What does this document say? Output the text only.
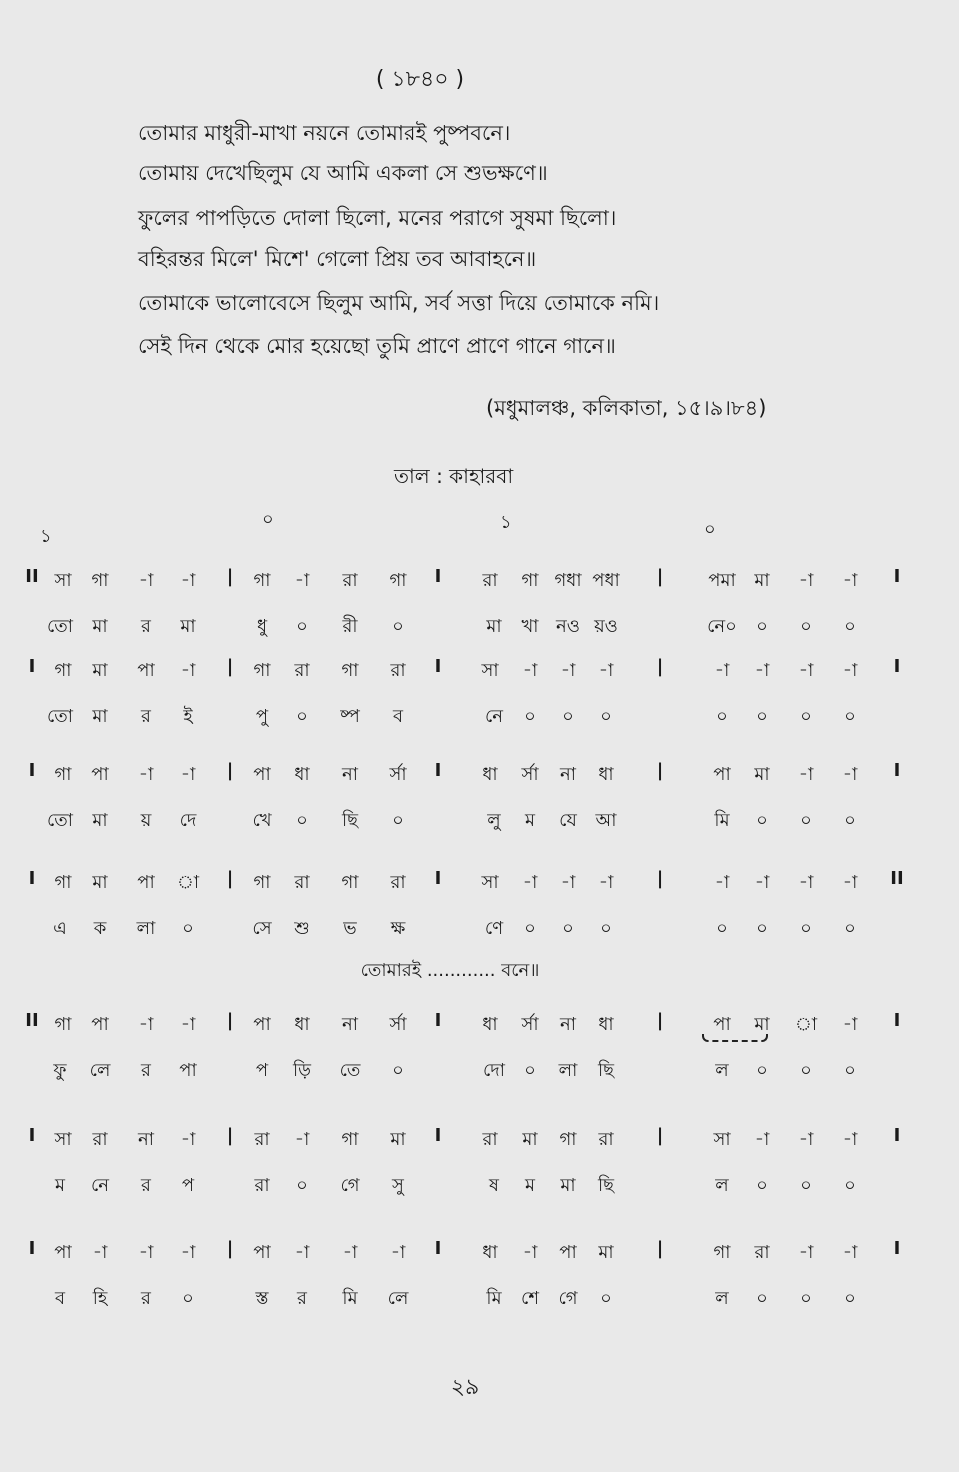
( ১৮৪০ )
তোমার মাধুরী-মাখা নয়নে তোমারই পুষ্পবনে।
তোমায় দেখেছিলুম যে আমি একলা সে শুভক্ষণে॥
ফুলের পাপড়িতে দোলা ছিলো, মনের পরাগে সুষমা ছিলো।
বহিরন্তর মিলে' মিশে' গেলো প্রিয় তব আবাহনে॥
তোমাকে ভালোবেসে ছিলুম আমি, সর্ব সত্তা দিয়ে তোমাকে নমি।
সেই দিন থেকে মোর হয়েছো তুমি প্রাণে প্রাণে গানে গানে॥
(মধুমালঞ্চ, কলিকাতা, ১৫।৯।৮৪)
তাল : কাহারবা
১
০	১	০
II সা গা -া -া | গা -া রা গা I রা গা গধা পধা | পমা মা -া -া I
তো মা র মা	ধু ০ রী ০	মা খা নও য়ও	নে০ ০ ০ ০
I গা মা পা -া | গা রা গা রা I সা -া -া -া |	-া -া -া -া I
তো মা র ই	পু ০ ষ্প ব	নে ০ ০ ০	০ ০ ০ ০
I গা পা -া -া | পা ধা না র্সা I ধা র্সা না ধা |	পা মা -া -া I
তো মা য় দে	খে ০ ছি ০	লু ম যে আ	মি ০ ০ ০
I গা মা পা া | গা রা গা রা I সা -া -া -া |	-া -া -া -া II
এ ক লা ০	সে শু ভ ক্ষ	ণে ০ ০ ০	০ ০ ০ ০
II গা পা -া -া | পা ধা না র্সা I ধা র্সা না ধা |	পা মা া -া I
ফু লে র পা	প ড়ি তে ০	দো ০ লা ছি	ল ০ ০ ০
I সা রা না -া | রা -া গা মা I রা মা গা রা |	সা -া -া -া I
ম নে র প	রা ০ গে সু	ষ ম মা ছি	ল ০ ০ ০
I পা -া -া -া | পা -া -া -া I ধা -া পা মা |	গা রা -া -া I
ব হি র ০	স্ত র মি লে	মি শে গে ০	ল ০ ০ ০
তোমারই ............ বনে॥
২৯
